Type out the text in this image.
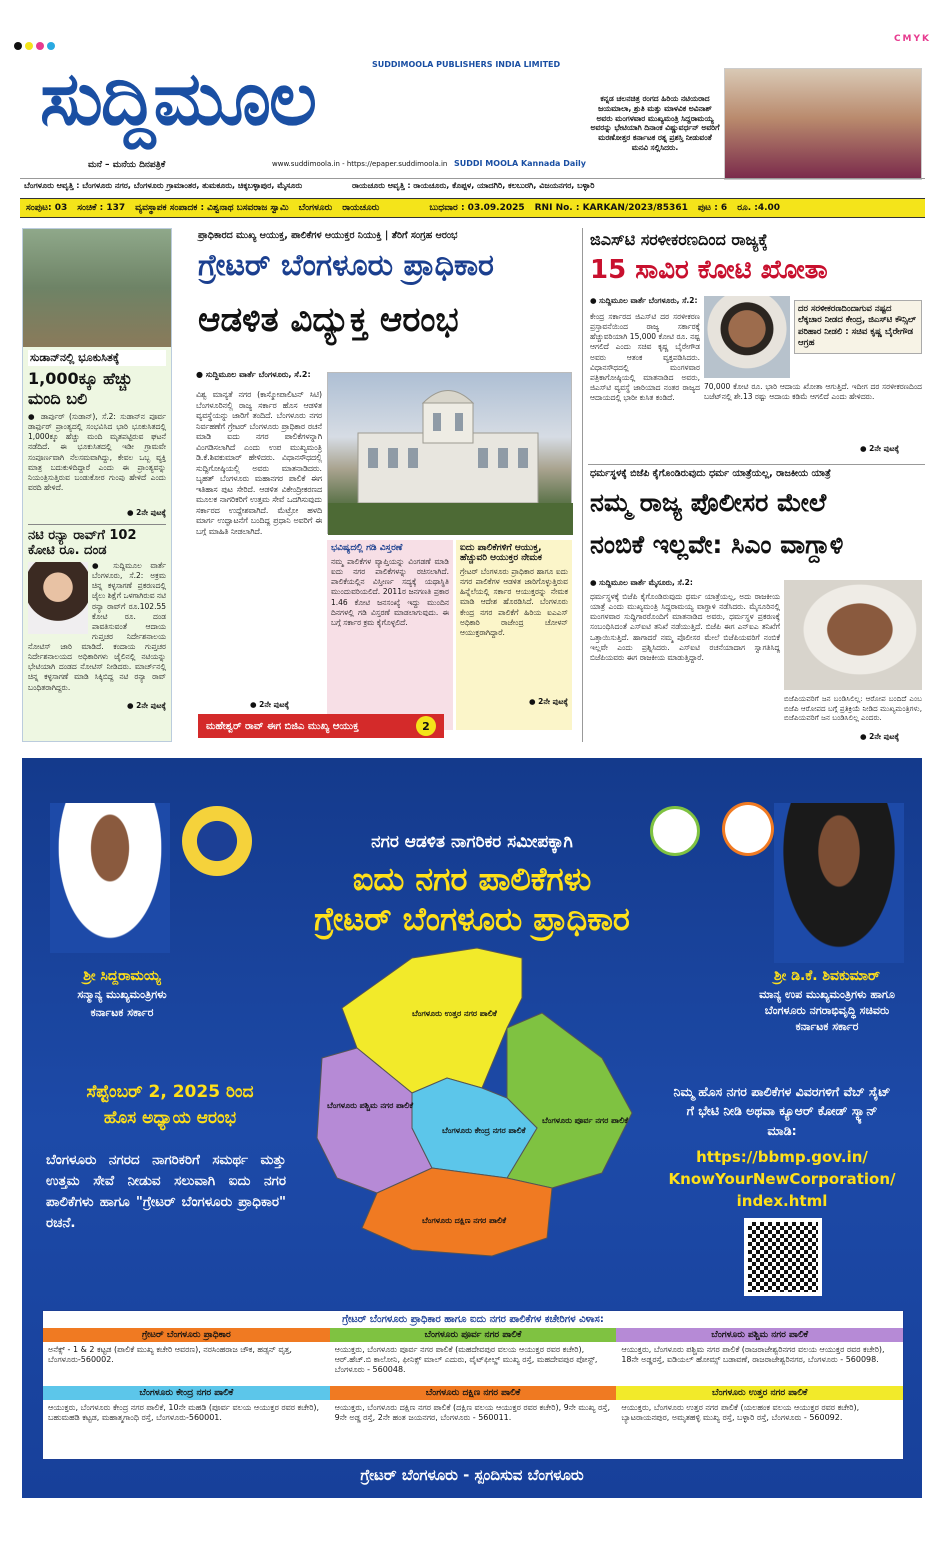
CMYK
ಸುದ್ದಿಮೂಲ	SUDDIMOOLA PUBLISHERS INDIA LIMITED
ಮನೆ – ಮನೆಯ ದಿನಪತ್ರಿಕೆ	www.suddimoola.in - https://epaper.suddimoola.in SUDDI MOOLA Kannada Daily
ಕನ್ನಡ ಚಲನಚಿತ್ರ ರಂಗದ ಹಿರಿಯ ನಟಿಯರಾದ ಜಯಮಾಲಾ, ಶ್ರುತಿ ಮತ್ತು ಮಾಳವಿಕ ಅವಿನಾಶ್ ಅವರು ಮಂಗಳವಾರ ಮುಖ್ಯಮಂತ್ರಿ ಸಿದ್ದರಾಮಯ್ಯ ಅವರನ್ನು ಭೇಟಿಯಾಗಿ ದಿನಾಂಕ ವಿಷ್ಣುವರ್ಧನ್ ಅವರಿಗೆ ಮರಣೋತ್ತರ ಕರ್ನಾಟಕ ರತ್ನ ಪ್ರಶಸ್ತಿ ನೀಡುವಂತೆ ಮನವಿ ಸಲ್ಲಿಸಿದರು.
ಬೆಂಗಳೂರು ಆವೃತ್ತಿ : ಬೆಂಗಳೂರು ನಗರ, ಬೆಂಗಳೂರು ಗ್ರಾಮಾಂತರ, ತುಮಕೂರು, ಚಿಕ್ಕಬಳ್ಳಾಪುರ, ಮೈಸೂರು	ರಾಯಚೂರು ಆವೃತ್ತಿ : ರಾಯಚೂರು, ಕೊಪ್ಪಳ, ಯಾದಗಿರಿ, ಕಲಬುರಗಿ, ವಿಜಯನಗರ, ಬಳ್ಳಾರಿ
ಸಂಪುಟ: 03 ಸಂಚಿಕೆ : 137 ವ್ಯವಸ್ಥಾಪಕ ಸಂಪಾದಕ : ವಿಶ್ವನಾಥ ಬಸವರಾಜ ಸ್ವಾಮಿ ಬೆಂಗಳೂರು ರಾಯಚೂರು	ಬುಧವಾರ : 03.09.2025 RNI No. : KARKAN/2023/85361 ಪುಟ : 6 ರೂ. :4.00
ಸುಡಾನ್‌ನಲ್ಲಿ ಭೂಕುಸಿತಕ್ಕೆ
1,000ಕ್ಕೂ ಹೆಚ್ಚು
ಮಂದಿ ಬಲಿ
● ಡಾರ್ಪುರ್ (ಸುಡಾನ್), ಸೆ.2: ಸುಡಾನ್‌ನ ಪೂರ್ವ ಡಾರ್ಫುರ್ ಪ್ರಾಂತ್ಯದಲ್ಲಿ ಸಂಭವಿಸಿದ ಭಾರಿ ಭೂಕುಸಿತದಲ್ಲಿ 1,000ಕ್ಕೂ ಹೆಚ್ಚು ಮಂದಿ ಮೃತಪಟ್ಟಿರುವ ಘಟನೆ ನಡೆದಿದೆ. ಈ ಭೂಕುಸಿತದಲ್ಲಿ ಇಡೀ ಗ್ರಾಮವೇ ಸಂಪೂರ್ಣವಾಗಿ ನೆಲಸಮವಾಗಿದ್ದು, ಕೇವಲ ಒಬ್ಬ ವ್ಯಕ್ತಿ ಮಾತ್ರ ಬದುಕುಳಿದಿದ್ದಾರೆ ಎಂದು ಈ ಪ್ರಾಂತ್ಯವನ್ನು ನಿಯಂತ್ರಿಸುತ್ತಿರುವ ಬಂಡುಕೋರ ಗುಂಪು ಹೇಳಿದೆ ಎಂದು ವರದಿ ಹೇಳಿದೆ.
● 2ನೇ ಪುಟಕ್ಕೆ
ನಟಿ ರನ್ಯಾ ರಾವ್‌ಗೆ 102
ಕೋಟಿ ರೂ. ದಂಡ
● ಸುದ್ದಿಮೂಲ ವಾರ್ತೆ ಬೆಂಗಳೂರು, ಸೆ.2: ಅಕ್ರಮ ಚಿನ್ನ ಕಳ್ಳಸಾಗಣೆ ಪ್ರಕರಣದಲ್ಲಿ ಜೈಲು ಶಿಕ್ಷೆಗೆ ಒಳಗಾಗಿರುವ ನಟಿ ರನ್ಯಾ ರಾವ್‌ಗೆ ರೂ.102.55 ಕೋಟಿ ರೂ. ದಂಡ ಪಾವತಿಸುವಂತೆ ಆದಾಯ ಗುಪ್ತಚರ ನಿರ್ದೇಶನಾಲಯ ನೋಟಿಸ್ ಜಾರಿ ಮಾಡಿದೆ. ಕಂದಾಯ ಗುಪ್ತಚರ ನಿರ್ದೇಶನಾಲಯದ ಅಧಿಕಾರಿಗಳು ಜೈಲಿನಲ್ಲಿ ನಟಿಯನ್ನು ಭೇಟಿಯಾಗಿ ದಂಡದ ನೋಟಿಸ್ ನೀಡಿದರು. ಮಾರ್ಚ್‌ನಲ್ಲಿ ಚಿನ್ನ ಕಳ್ಳಸಾಗಣೆ ಮಾಡಿ ಸಿಕ್ಕಿಬಿದ್ದ ನಟಿ ರನ್ಯಾ ರಾವ್ ಬಂಧಿತರಾಗಿದ್ದರು.
● 2ನೇ ಪುಟಕ್ಕೆ
ಪ್ರಾಧಿಕಾರದ ಮುಖ್ಯ ಆಯುಕ್ತ, ಪಾಲಿಕೆಗಳ ಆಯುಕ್ತರ ನಿಯುಕ್ತಿ | ತೆರಿಗೆ ಸಂಗ್ರಹ ಆರಂಭ
ಗ್ರೇಟರ್ ಬೆಂಗಳೂರು ಪ್ರಾಧಿಕಾರ
ಆಡಳಿತ ವಿದ್ಯುಕ್ತ ಆರಂಭ
● ಸುದ್ದಿಮೂಲ ವಾರ್ತೆ ಬೆಂಗಳೂರು, ಸೆ.2:
ವಿಶ್ವ ಮಾನ್ಯತೆ ನಗರ (ಕಾಸ್ಮೋಪಾಲಿಟನ್ ಸಿಟಿ) ಬೆಂಗಳೂರಿನಲ್ಲಿ ರಾಜ್ಯ ಸರ್ಕಾರ ಹೊಸ ಆಡಳಿತ ವ್ಯವಸ್ಥೆಯನ್ನು ಜಾರಿಗೆ ತಂದಿದೆ. ಬೆಂಗಳೂರು ನಗರ ನಿರ್ವಹಣೆಗೆ ಗ್ರೇಟರ್ ಬೆಂಗಳೂರು ಪ್ರಾಧಿಕಾರ ರಚನೆ ಮಾಡಿ ಐದು ನಗರ ಪಾಲಿಕೆಗಳನ್ನಾಗಿ ವಿಂಗಡಿಸಲಾಗಿದೆ ಎಂದು ಉಪ ಮುಖ್ಯಮಂತ್ರಿ ಡಿ.ಕೆ.ಶಿವಕುಮಾರ್ ಹೇಳಿದರು. ವಿಧಾನಸೌಧದಲ್ಲಿ ಸುದ್ದಿಗೋಷ್ಠಿಯಲ್ಲಿ ಅವರು ಮಾತನಾಡಿದರು. ಬೃಹತ್ ಬೆಂಗಳೂರು ಮಹಾನಗರ ಪಾಲಿಕೆ ಈಗ ಇತಿಹಾಸ ಪುಟ ಸೇರಿದೆ. ಆಡಳಿತ ವಿಕೇಂದ್ರೀಕರಣದ ಮೂಲಕ ನಾಗರಿಕರಿಗೆ ಉತ್ತಮ ಸೇವೆ ಒದಗಿಸುವುದು ಸರ್ಕಾರದ ಉದ್ದೇಶವಾಗಿದೆ. ಮೆಟ್ರೋ ಹಳದಿ ಮಾರ್ಗ ಉದ್ಘಾಟನೆಗೆ ಬಂದಿದ್ದ ಪ್ರಧಾನಿ ಅವರಿಗೆ ಈ ಬಗ್ಗೆ ಮಾಹಿತಿ ನೀಡಲಾಗಿದೆ.
● 2ನೇ ಪುಟಕ್ಕೆ
ಭವಿಷ್ಯದಲ್ಲಿ ಗಡಿ ವಿಸ್ತರಣೆ
ನಮ್ಮ ಪಾಲಿಕೆಗಳ ವ್ಯಾಪ್ತಿಯನ್ನು ವಿಂಗಡಣೆ ಮಾಡಿ ಐದು ನಗರ ಪಾಲಿಕೆಗಳನ್ನು ರಚಿಸಲಾಗಿದೆ. ಪಾಲಿಕೆಯಲ್ಲಿನ ವಿಸ್ತೀರ್ಣ ಸದ್ಯಕ್ಕೆ ಯಥಾಸ್ಥಿತಿ ಮುಂದುವರಿಯಲಿದೆ. 2011ರ ಜನಗಣತಿ ಪ್ರಕಾರ 1.46 ಕೋಟಿ ಜನಸಂಖ್ಯೆ ಇದ್ದು ಮುಂದಿನ ದಿನಗಳಲ್ಲಿ ಗಡಿ ವಿಸ್ತರಣೆ ಮಾಡಲಾಗುವುದು. ಈ ಬಗ್ಗೆ ಸರ್ಕಾರ ಕ್ರಮ ಕೈಗೊಳ್ಳಲಿದೆ.
ಐದು ಪಾಲಿಕೆಗಳಿಗೆ ಆಯುಕ್ತ, ಹೆಚ್ಚುವರಿ ಆಯುಕ್ತರ ನೇಮಕ
ಗ್ರೇಟರ್ ಬೆಂಗಳೂರು ಪ್ರಾಧಿಕಾರ ಹಾಗೂ ಐದು ನಗರ ಪಾಲಿಕೆಗಳ ಆಡಳಿತ ಜಾರಿಗೊಳ್ಳುತ್ತಿರುವ ಹಿನ್ನೆಲೆಯಲ್ಲಿ ಸರ್ಕಾರ ಆಯುಕ್ತರನ್ನು ನೇಮಕ ಮಾಡಿ ಆದೇಶ ಹೊರಡಿಸಿದೆ. ಬೆಂಗಳೂರು ಕೇಂದ್ರ ನಗರ ಪಾಲಿಕೆಗೆ ಹಿರಿಯ ಐಎಎಸ್ ಅಧಿಕಾರಿ ರಾಜೇಂದ್ರ ಚೋಳನ್ ಆಯುಕ್ತರಾಗಿದ್ದಾರೆ.
● 2ನೇ ಪುಟಕ್ಕೆ
ಮಹೇಶ್ವರ್ ರಾವ್ ಈಗ ಬಿಜಿಎ ಮುಖ್ಯ ಆಯುಕ್ತ	2
ಜಿಎಸ್‌ಟಿ ಸರಳೀಕರಣದಿಂದ ರಾಜ್ಯಕ್ಕೆ
15 ಸಾವಿರ ಕೋಟಿ ಖೋತಾ
● ಸುದ್ದಿಮೂಲ ವಾರ್ತೆ ಬೆಂಗಳೂರು, ಸೆ.2:
ಕೇಂದ್ರ ಸರ್ಕಾರದ ಜಿಎಸ್‌ಟಿ ದರ ಸರಳೀಕರಣ ಪ್ರಸ್ತಾವನೆಯಿಂದ ರಾಜ್ಯ ಸರ್ಕಾರಕ್ಕೆ ಹೆಚ್ಚುವರಿಯಾಗಿ 15,000 ಕೋಟಿ ರೂ. ನಷ್ಟ ಆಗಲಿದೆ ಎಂದು ಸಚಿವ ಕೃಷ್ಣ ಬೈರೇಗೌಡ ಅವರು ಆತಂಕ ವ್ಯಕ್ತಪಡಿಸಿದರು. ವಿಧಾನಸೌಧದಲ್ಲಿ ಮಂಗಳವಾರ ಪತ್ರಿಕಾಗೋಷ್ಠಿಯಲ್ಲಿ ಮಾತನಾಡಿದ ಅವರು, ಜಿಎಸ್‌ಟಿ ವ್ಯವಸ್ಥೆ ಜಾರಿಯಾದ ನಂತರ ರಾಜ್ಯದ ಆದಾಯದಲ್ಲಿ ಭಾರೀ ಕುಸಿತ ಕಂಡಿದೆ.
ದರ ಸರಳೀಕರಣದಿಂದಾಗುವ ನಷ್ಟದ ಲೆಕ್ಕಚಾರ ನೀಡದ ಕೇಂದ್ರ, ಜಿಎಸ್‌ಟಿ ಕೌನ್ಸಿಲ್ ಪರಿಹಾರ ನೀಡಲಿ : ಸಚಿವ ಕೃಷ್ಣ ಬೈರೇಗೌಡ ಆಗ್ರಹ
70,000 ಕೋಟಿ ರೂ. ಭಾರಿ ಆದಾಯ ಖೋತಾ ಆಗುತ್ತಿದೆ. ಇದೀಗ ದರ ಸರಳೀಕರಣದಿಂದ ಬಜೆಟ್‌ನಲ್ಲಿ ಶೇ.13 ರಷ್ಟು ಆದಾಯ ಕಡಿಮೆ ಆಗಲಿದೆ ಎಂದು ಹೇಳಿದರು.
● 2ನೇ ಪುಟಕ್ಕೆ
ಧರ್ಮಸ್ಥಳಕ್ಕೆ ಬಿಜೆಪಿ ಕೈಗೊಂಡಿರುವುದು ಧರ್ಮ ಯಾತ್ರೆಯಲ್ಲ, ರಾಜಕೀಯ ಯಾತ್ರೆ
ನಮ್ಮ ರಾಜ್ಯ ಪೊಲೀಸರ ಮೇಲೆ
ನಂಬಿಕೆ ಇಲ್ಲವೇ: ಸಿಎಂ ವಾಗ್ದಾಳಿ
● ಸುದ್ದಿಮೂಲ ವಾರ್ತೆ ಮೈಸೂರು, ಸೆ.2:
ಧರ್ಮಸ್ಥಳಕ್ಕೆ ಬಿಜೆಪಿ ಕೈಗೊಂಡಿರುವುದು ಧರ್ಮ ಯಾತ್ರೆಯಲ್ಲ, ಅದು ರಾಜಕೀಯ ಯಾತ್ರೆ ಎಂದು ಮುಖ್ಯಮಂತ್ರಿ ಸಿದ್ದರಾಮಯ್ಯ ವಾಗ್ದಾಳಿ ನಡೆಸಿದರು. ಮೈಸೂರಿನಲ್ಲಿ ಮಂಗಳವಾರ ಸುದ್ದಿಗಾರರೊಂದಿಗೆ ಮಾತನಾಡಿದ ಅವರು, ಧರ್ಮಸ್ಥಳ ಪ್ರಕರಣಕ್ಕೆ ಸಂಬಂಧಿಸಿದಂತೆ ಎಸ್‌ಐಟಿ ತನಿಖೆ ನಡೆಯುತ್ತಿದೆ. ಬಿಜೆಪಿ ಈಗ ಎನ್‌ಐಎ ತನಿಖೆಗೆ ಒತ್ತಾಯಿಸುತ್ತಿದೆ. ಹಾಗಾದರೆ ನಮ್ಮ ಪೊಲೀಸರ ಮೇಲೆ ಬಿಜೆಪಿಯವರಿಗೆ ನಂಬಿಕೆ ಇಲ್ಲವೇ ಎಂದು ಪ್ರಶ್ನಿಸಿದರು. ಎಸ್‌ಐಟಿ ರಚನೆಯಾದಾಗ ಸ್ವಾಗತಿಸಿದ್ದ ಬಿಜೆಪಿಯವರು ಈಗ ರಾಜಕೀಯ ಮಾಡುತ್ತಿದ್ದಾರೆ.
ಬಿಜೆಪಿಯವರಿಗೆ ಜನ ಬಂಡಿಸಿಲಿಲ್ಲ: ಆರೋಪ ಬಂದಿದೆ ಎಂಬ ಬಿಜೆಪಿ ಆರೋಪದ ಬಗ್ಗೆ ಪ್ರತಿಕ್ರಿಯೆ ನೀಡಿದ ಮುಖ್ಯಮಂತ್ರಿಗಳು, ಬಿಜೆಪಿಯವರಿಗೆ ಜನ ಬಂಡಿಸಿಲಿಲ್ಲ ಎಂದರು.
● 2ನೇ ಪುಟಕ್ಕೆ
ನಗರ ಆಡಳಿತ ನಾಗರಿಕರ ಸಮೀಪಕ್ಕಾಗಿ
ಐದು ನಗರ ಪಾಲಿಕೆಗಳು
ಗ್ರೇಟರ್ ಬೆಂಗಳೂರು ಪ್ರಾಧಿಕಾರ
ಶ್ರೀ ಸಿದ್ದರಾಮಯ್ಯ
ಸನ್ಮಾನ್ಯ ಮುಖ್ಯಮಂತ್ರಿಗಳು
ಕರ್ನಾಟಕ ಸರ್ಕಾರ
ಶ್ರೀ ಡಿ.ಕೆ. ಶಿವಕುಮಾರ್
ಮಾನ್ಯ ಉಪ ಮುಖ್ಯಮಂತ್ರಿಗಳು ಹಾಗೂ
ಬೆಂಗಳೂರು ನಗರಾಭಿವೃದ್ಧಿ ಸಚಿವರು
ಕರ್ನಾಟಕ ಸರ್ಕಾರ
ಸೆಪ್ಟೆಂಬರ್ 2, 2025 ರಿಂದ
ಹೊಸ ಅಧ್ಯಾಯ ಆರಂಭ
ಬೆಂಗಳೂರು ನಗರದ ನಾಗರಿಕರಿಗೆ ಸಮರ್ಥ ಮತ್ತು ಉತ್ತಮ ಸೇವೆ ನೀಡುವ ಸಲುವಾಗಿ ಐದು ನಗರ ಪಾಲಿಕೆಗಳು ಹಾಗೂ "ಗ್ರೇಟರ್ ಬೆಂಗಳೂರು ಪ್ರಾಧಿಕಾರ" ರಚನೆ.
ಬೆಂಗಳೂರು ಉತ್ತರ ನಗರ ಪಾಲಿಕೆ
ಬೆಂಗಳೂರು ಪಶ್ಚಿಮ ನಗರ ಪಾಲಿಕೆ
ಬೆಂಗಳೂರು ಕೇಂದ್ರ ನಗರ ಪಾಲಿಕೆ
ಬೆಂಗಳೂರು ಪೂರ್ವ ನಗರ ಪಾಲಿಕೆ
ಬೆಂಗಳೂರು ದಕ್ಷಿಣ ನಗರ ಪಾಲಿಕೆ
ನಿಮ್ಮ ಹೊಸ ನಗರ ಪಾಲಿಕೆಗಳ ವಿವರಗಳಿಗೆ ವೆಬ್ ಸೈಟ್‌ ಗೆ ಭೇಟಿ ನೀಡಿ ಅಥವಾ ಕ್ಯೂಆರ್ ಕೋಡ್ ಸ್ಕ್ಯಾನ್ ಮಾಡಿ:
https://bbmp.gov.in/
KnowYourNewCorporation/
index.html
ಗ್ರೇಟರ್ ಬೆಂಗಳೂರು ಪ್ರಾಧಿಕಾರ ಹಾಗೂ ಐದು ನಗರ ಪಾಲಿಕೆಗಳ ಕಚೇರಿಗಳ ವಿಳಾಸ:
ಗ್ರೇಟರ್ ಬೆಂಗಳೂರು ಪ್ರಾಧಿಕಾರ	ಬೆಂಗಳೂರು ಪೂರ್ವ ನಗರ ಪಾಲಿಕೆ	ಬೆಂಗಳೂರು ಪಶ್ಚಿಮ ನಗರ ಪಾಲಿಕೆ
ಅನೆಕ್ಸ್ - 1 & 2 ಕಟ್ಟಡ (ಪಾಲಿಕೆ ಮುಖ್ಯ ಕಚೇರಿ ಆವರಣ), ನರಸಿಂಹರಾಜ ಚೌಕ, ಹಡ್ಸನ್ ವೃತ್ತ, ಬೆಂಗಳೂರು-560002.
ಆಯುಕ್ತರು, ಬೆಂಗಳೂರು ಪೂರ್ವ ನಗರ ಪಾಲಿಕೆ (ಮಹದೇವಪುರ ವಲಯ ಆಯುಕ್ತರ ರವರ ಕಚೇರಿ), ಆರ್.ಹೆಚ್.ಬಿ ಕಾಲೋನಿ, ಫೀನಿಕ್ಸ್ ಮಾಲ್ ಎದುರು, ವೈಟ್‌ಫೀಲ್ಡ್ ಮುಖ್ಯ ರಸ್ತೆ, ಮಹದೇವಪುರ ಪೋಸ್ಟ್, ಬೆಂಗಳೂರು - 560048.
ಆಯುಕ್ತರು, ಬೆಂಗಳೂರು ಪಶ್ಚಿಮ ನಗರ ಪಾಲಿಕೆ (ರಾಜರಾಜೇಶ್ವರಿನಗರ ವಲಯ ಆಯುಕ್ತರ ರವರ ಕಚೇರಿ), 18ನೇ ಅಡ್ಡರಸ್ತೆ, ಐಡಿಯಲ್ ಹೋಮ್ಸ್ ಬಡಾವಣೆ, ರಾಜರಾಜೇಶ್ವರಿನಗರ, ಬೆಂಗಳೂರು - 560098.
ಬೆಂಗಳೂರು ಕೇಂದ್ರ ನಗರ ಪಾಲಿಕೆ	ಬೆಂಗಳೂರು ದಕ್ಷಿಣ ನಗರ ಪಾಲಿಕೆ	ಬೆಂಗಳೂರು ಉತ್ತರ ನಗರ ಪಾಲಿಕೆ
ಆಯುಕ್ತರು, ಬೆಂಗಳೂರು ಕೇಂದ್ರ ನಗರ ಪಾಲಿಕೆ, 10ನೇ ಮಹಡಿ (ಪೂರ್ವ ವಲಯ ಆಯುಕ್ತರ ರವರ ಕಚೇರಿ), ಬಹುಮಹಡಿ ಕಟ್ಟಡ, ಮಹಾತ್ಮಗಾಂಧಿ ರಸ್ತೆ, ಬೆಂಗಳೂರು-560001.
ಆಯುಕ್ತರು, ಬೆಂಗಳೂರು ದಕ್ಷಿಣ ನಗರ ಪಾಲಿಕೆ (ದಕ್ಷಿಣ ವಲಯ ಆಯುಕ್ತರ ರವರ ಕಚೇರಿ), 9ನೇ ಮುಖ್ಯ ರಸ್ತೆ, 9ನೇ ಅಡ್ಡ ರಸ್ತೆ, 2ನೇ ಹಂತ ಜಯನಗರ, ಬೆಂಗಳೂರು - 560011.
ಆಯುಕ್ತರು, ಬೆಂಗಳೂರು ಉತ್ತರ ನಗರ ಪಾಲಿಕೆ (ಯಲಹಂಕ ವಲಯ ಆಯುಕ್ತರ ರವರ ಕಚೇರಿ), ಬ್ಯಾಟರಾಯನಪುರ, ಅಮೃತಹಳ್ಳಿ ಮುಖ್ಯ ರಸ್ತೆ, ಬಳ್ಳಾರಿ ರಸ್ತೆ, ಬೆಂಗಳೂರು - 560092.
ಗ್ರೇಟರ್ ಬೆಂಗಳೂರು - ಸ್ಪಂದಿಸುವ ಬೆಂಗಳೂರು
